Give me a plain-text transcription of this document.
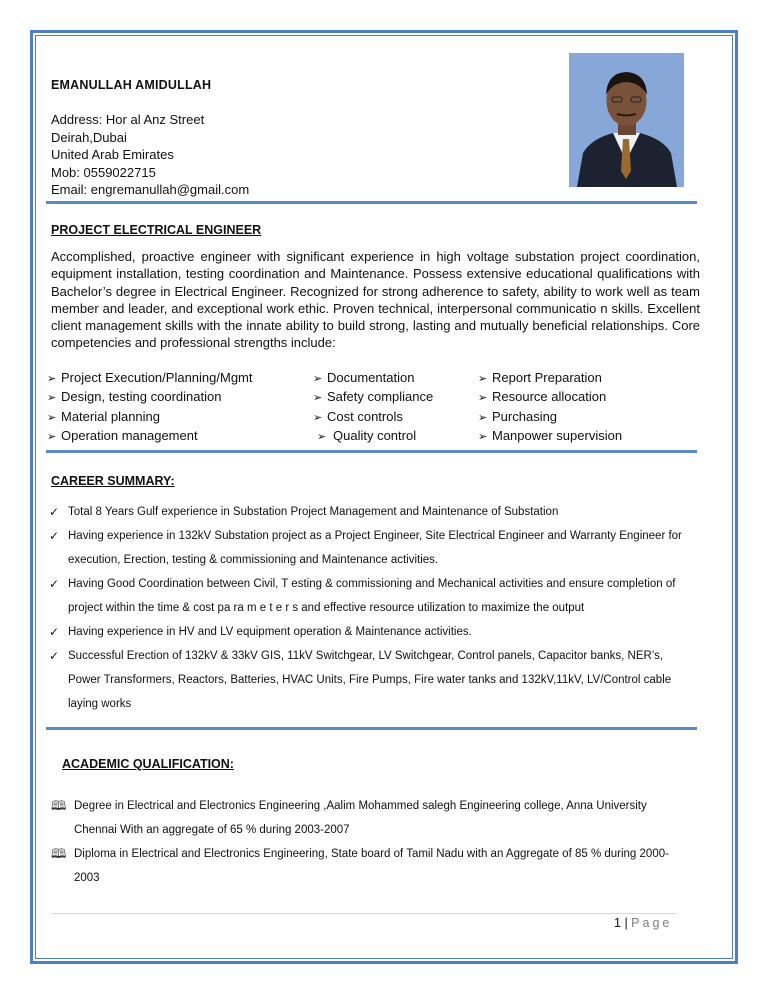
EMANULLAH AMIDULLAH
Address: Hor al Anz Street
Deirah,Dubai
United Arab Emirates
Mob: 0559022715
Email: engremanullah@gmail.com
PROJECT ELECTRICAL ENGINEER

Accomplished, proactive engineer with significant experience in high voltage substation project coordination, equipment installation, testing coordination and Maintenance. Possess extensive educational qualifications with Bachelor’s degree in Electrical Engineer. Recognized for strong adherence to safety, ability to work well as team member and leader, and exceptional work ethic. Proven technical, interpersonal communicatio n skills. Excellent client management skills with the innate ability to build strong, lasting and mutually beneficial relationships. Core competencies and professional strengths include:

➢ Project Execution/Planning/Mgmt
➢ Design, testing coordination
➢ Material planning
➢ Operation management
➢ Documentation
➢ Safety compliance
➢ Cost controls
➢ Quality control
➢ Report Preparation
➢ Resource allocation
➢ Purchasing
➢ Manpower supervision
CAREER SUMMARY:
✓ Total 8 Years Gulf experience in Substation Project Management and Maintenance of Substation
✓ Having experience in 132kV Substation project as a Project Engineer, Site Electrical Engineer and Warranty Engineer for execution, Erection, testing & commissioning and Maintenance activities.
✓ Having Good Coordination between Civil, T esting & commissioning and Mechanical activities and ensure completion of project within the time & cost pa ra m e t e r s and effective resource utilization to maximize the output
✓ Having experience in HV and LV equipment operation & Maintenance activities.
✓ Successful Erection of 132kV & 33kV GIS, 11kV Switchgear, LV Switchgear, Control panels, Capacitor banks, NER’s, Power Transformers, Reactors, Batteries, HVAC Units, Fire Pumps, Fire water tanks and 132kV,11kV, LV/Control cable laying works
ACADEMIC QUALIFICATION:
🕮 Degree in Electrical and Electronics Engineering ,Aalim Mohammed salegh Engineering college, Anna University Chennai With an aggregate of 65 % during 2003-2007
🕮 Diploma in Electrical and Electronics Engineering, State board of Tamil Nadu with an Aggregate of 85 % during 2000-2003
1 | Page
